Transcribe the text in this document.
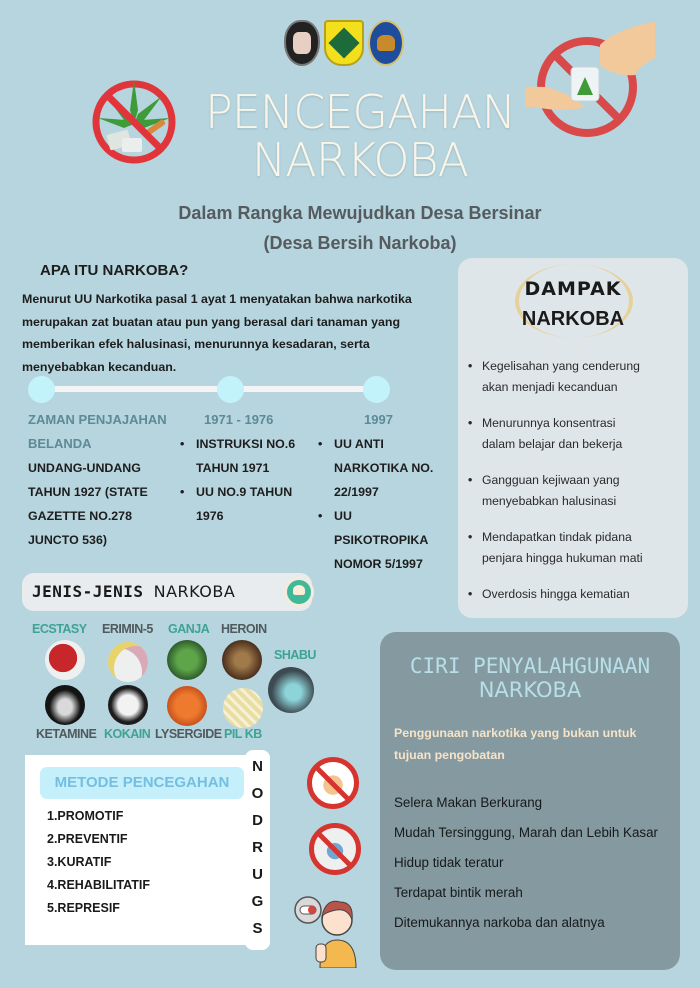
PENCEGAHAN
NARKOBA
Dalam Rangka Mewujudkan Desa Bersinar
(Desa Bersih Narkoba)
APA ITU NARKOBA?
Menurut UU Narkotika pasal 1 ayat 1 menyatakan bahwa narkotika merupakan zat buatan atau pun yang berasal dari tanaman yang memberikan efek halusinasi, menurunnya kesadaran, serta menyebabkan kecanduan.
ZAMAN PENJAJAHAN
BELANDA
UNDANG-UNDANG
TAHUN 1927 (STATE
GAZETTE NO.278
JUNCTO 536)
1971 - 1976
• INSTRUKSI NO.6
TAHUN 1971
• UU NO.9 TAHUN
1976
1997
• UU ANTI
NARKOTIKA NO.
22/1997
• UU
PSIKOTROPIKA
NOMOR 5/1997
DAMPAK
NARKOBA
• Kegelisahan yang cenderung
akan menjadi kecanduan
• Menurunnya konsentrasi
dalam belajar dan bekerja
• Gangguan kejiwaan yang
menyebabkan halusinasi
• Mendapatkan tindak pidana
penjara hingga hukuman mati
• Overdosis hingga kematian
JENIS-JENIS NARKOBA
ECSTASY ERIMIN-5 GANJA HEROIN
SHABU
KETAMINE KOKAIN LYSERGIDE PIL KB
METODE PENCEGAHAN
1.PROMOTIF
2.PREVENTIF
3.KURATIF
4.REHABILITATIF
5.REPRESIF
N
O
D
R
U
G
S
CIRI PENYALAHGUNAAN
NARKOBA
Penggunaan narkotika yang bukan untuk tujuan pengobatan
Selera Makan Berkurang
Mudah Tersinggung, Marah dan Lebih Kasar
Hidup tidak teratur
Terdapat bintik merah
Ditemukannya narkoba dan alatnya
